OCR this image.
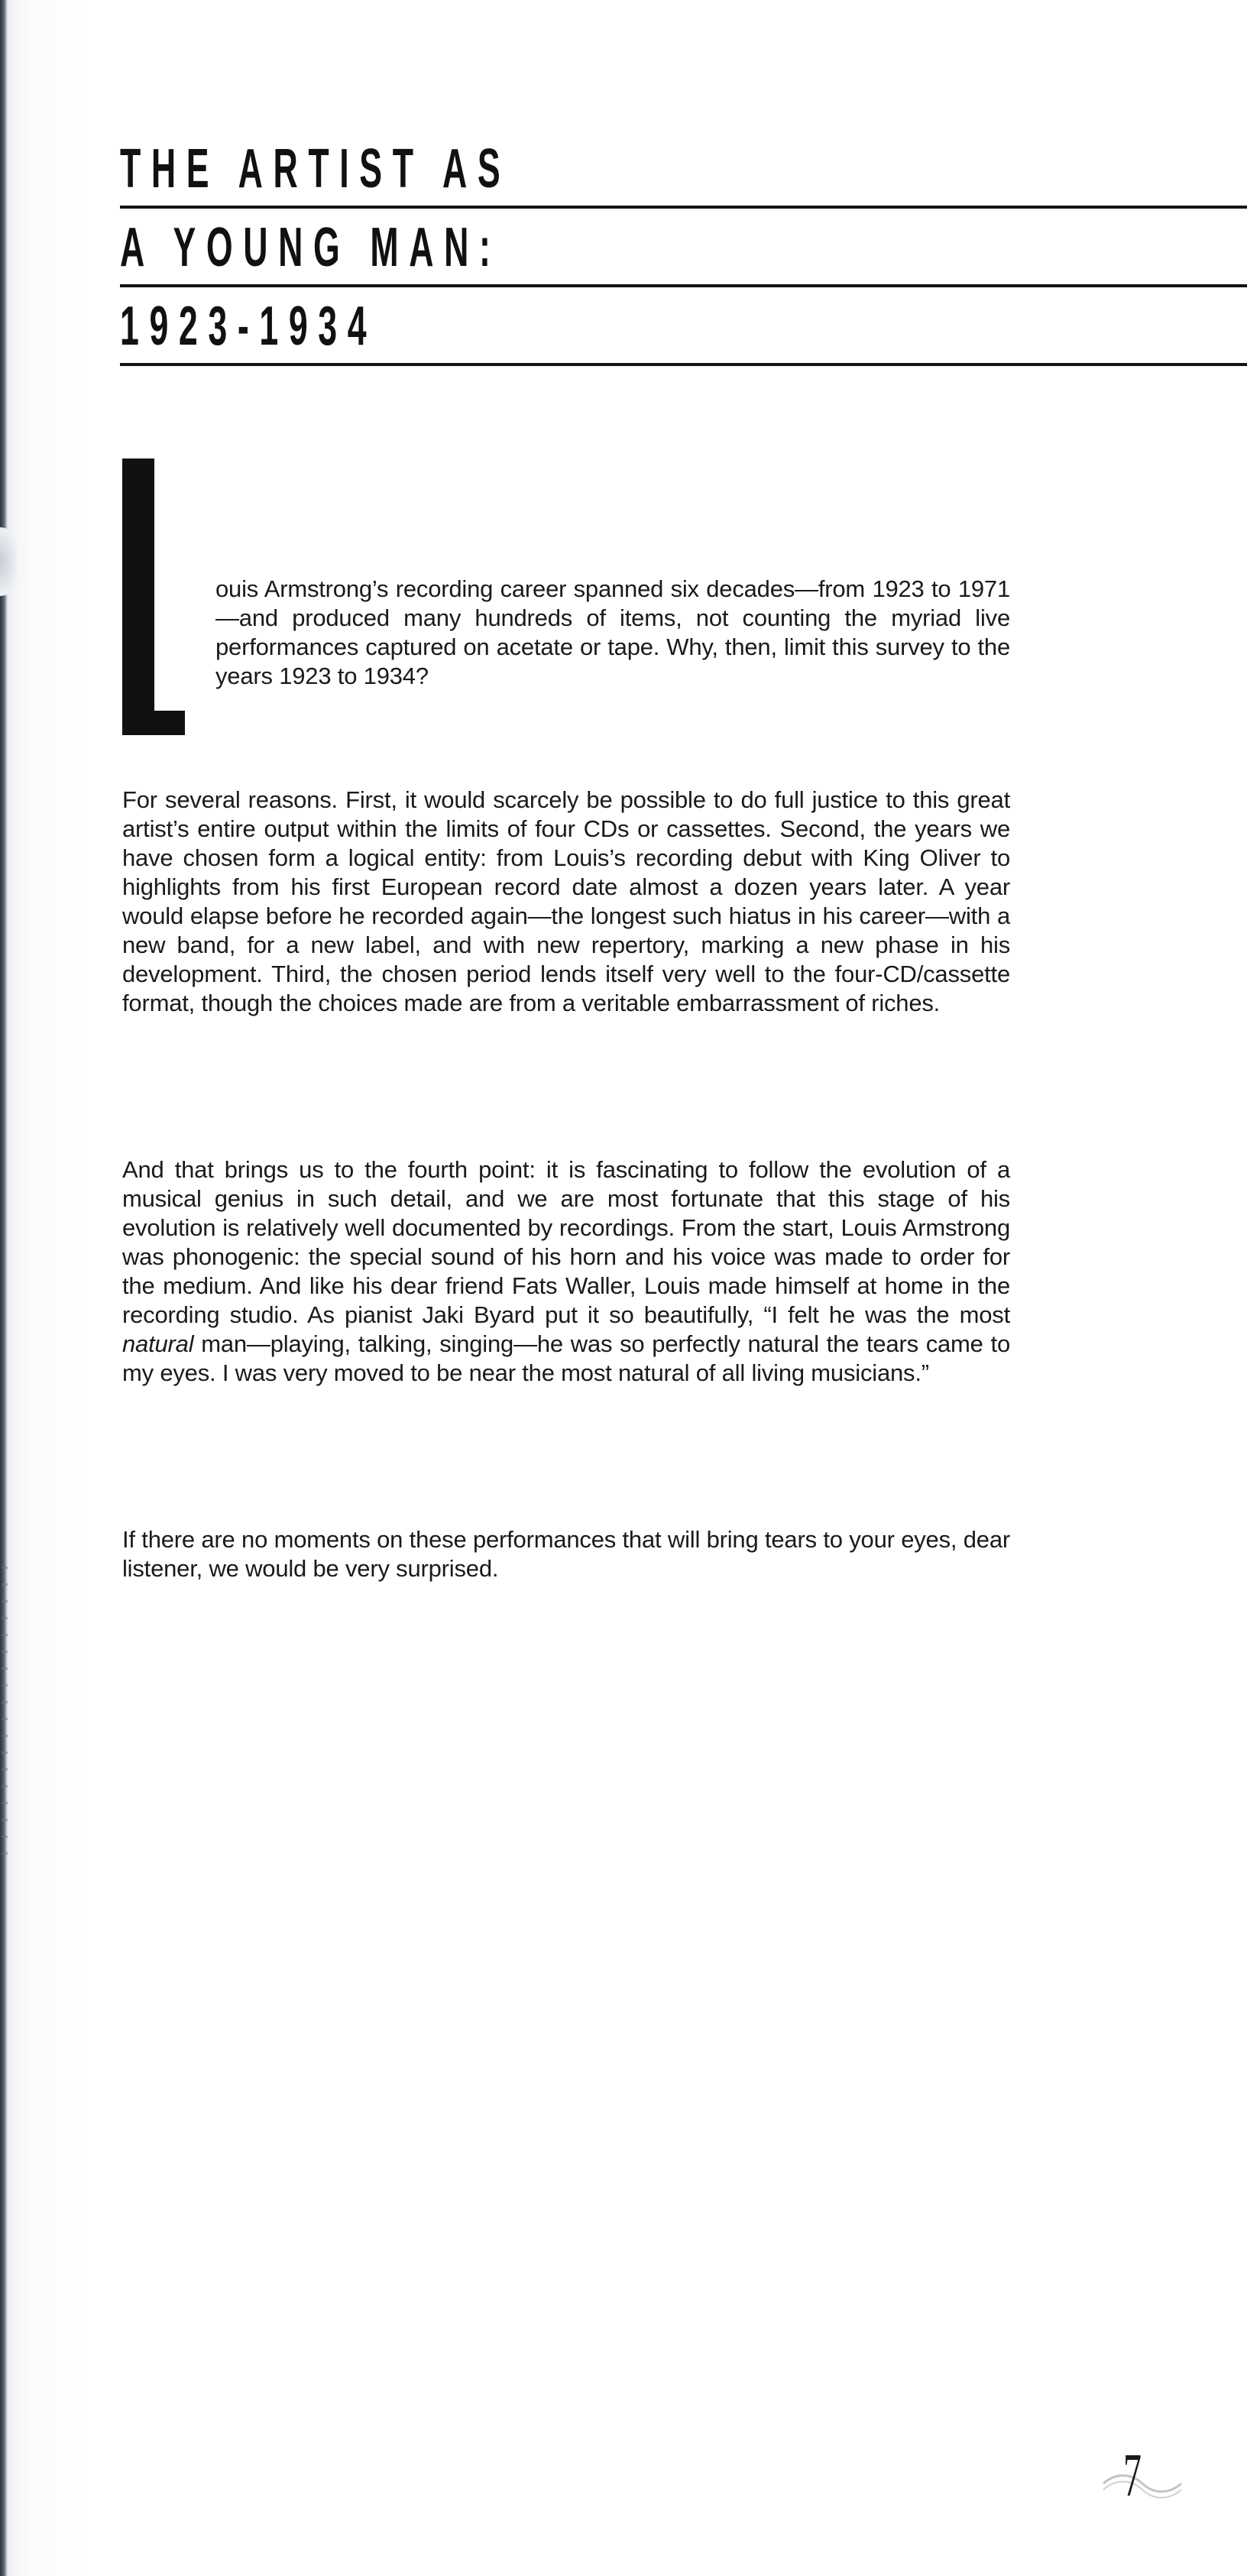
THE ARTIST AS
A YOUNG MAN:
1923-1934

ouis Armstrong’s recording career spanned six decades—from 1923 to 1971—and produced many hundreds of items, not counting the myriad live performances captured on acetate or tape. Why, then, limit this survey to the years 1923 to 1934?

For several reasons. First, it would scarcely be possible to do full justice to this great artist’s entire output within the limits of four CDs or cassettes. Second, the years we have chosen form a logical entity: from Louis’s recording debut with King Oliver to highlights from his first European record date almost a dozen years later. A year would elapse before he recorded again—the longest such hiatus in his career—with a new band, for a new label, and with new repertory, marking a new phase in his development. Third, the chosen period lends itself very well to the four-CD/cassette format, though the choices made are from a veritable embarrassment of riches.

And that brings us to the fourth point: it is fascinating to follow the evolution of a musical genius in such detail, and we are most fortunate that this stage of his evolution is relatively well documented by recordings. From the start, Louis Armstrong was phonogenic: the special sound of his horn and his voice was made to order for the medium. And like his dear friend Fats Waller, Louis made himself at home in the recording studio. As pianist Jaki Byard put it so beautifully, “I felt he was the most natural man—playing, talking, singing—he was so perfectly natural the tears came to my eyes. I was very moved to be near the most natural of all living musicians.”

If there are no moments on these performances that will bring tears to your eyes, dear listener, we would be very surprised.

7
